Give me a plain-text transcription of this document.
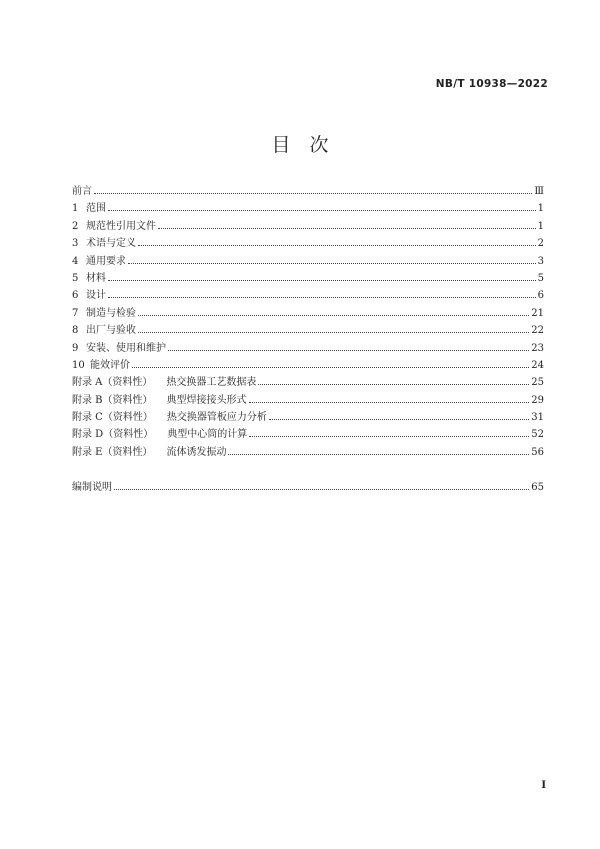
NB/T 10938—2022
目　次
前言	Ⅲ
1 范围	1
2 规范性引用文件	1
3 术语与定义	2
4 通用要求	3
5 材料	5
6 设计	6
7 制造与检验	21
8 出厂与验收	22
9 安装、使用和维护	23
10 能效评价	24
附录 A（资料性） 热交换器工艺数据表	25
附录 B（资料性） 典型焊接接头形式	29
附录 C（资料性） 热交换器管板应力分析	31
附录 D（资料性） 典型中心筒的计算	52
附录 E（资料性） 流体诱发振动	56
编制说明	65
I
